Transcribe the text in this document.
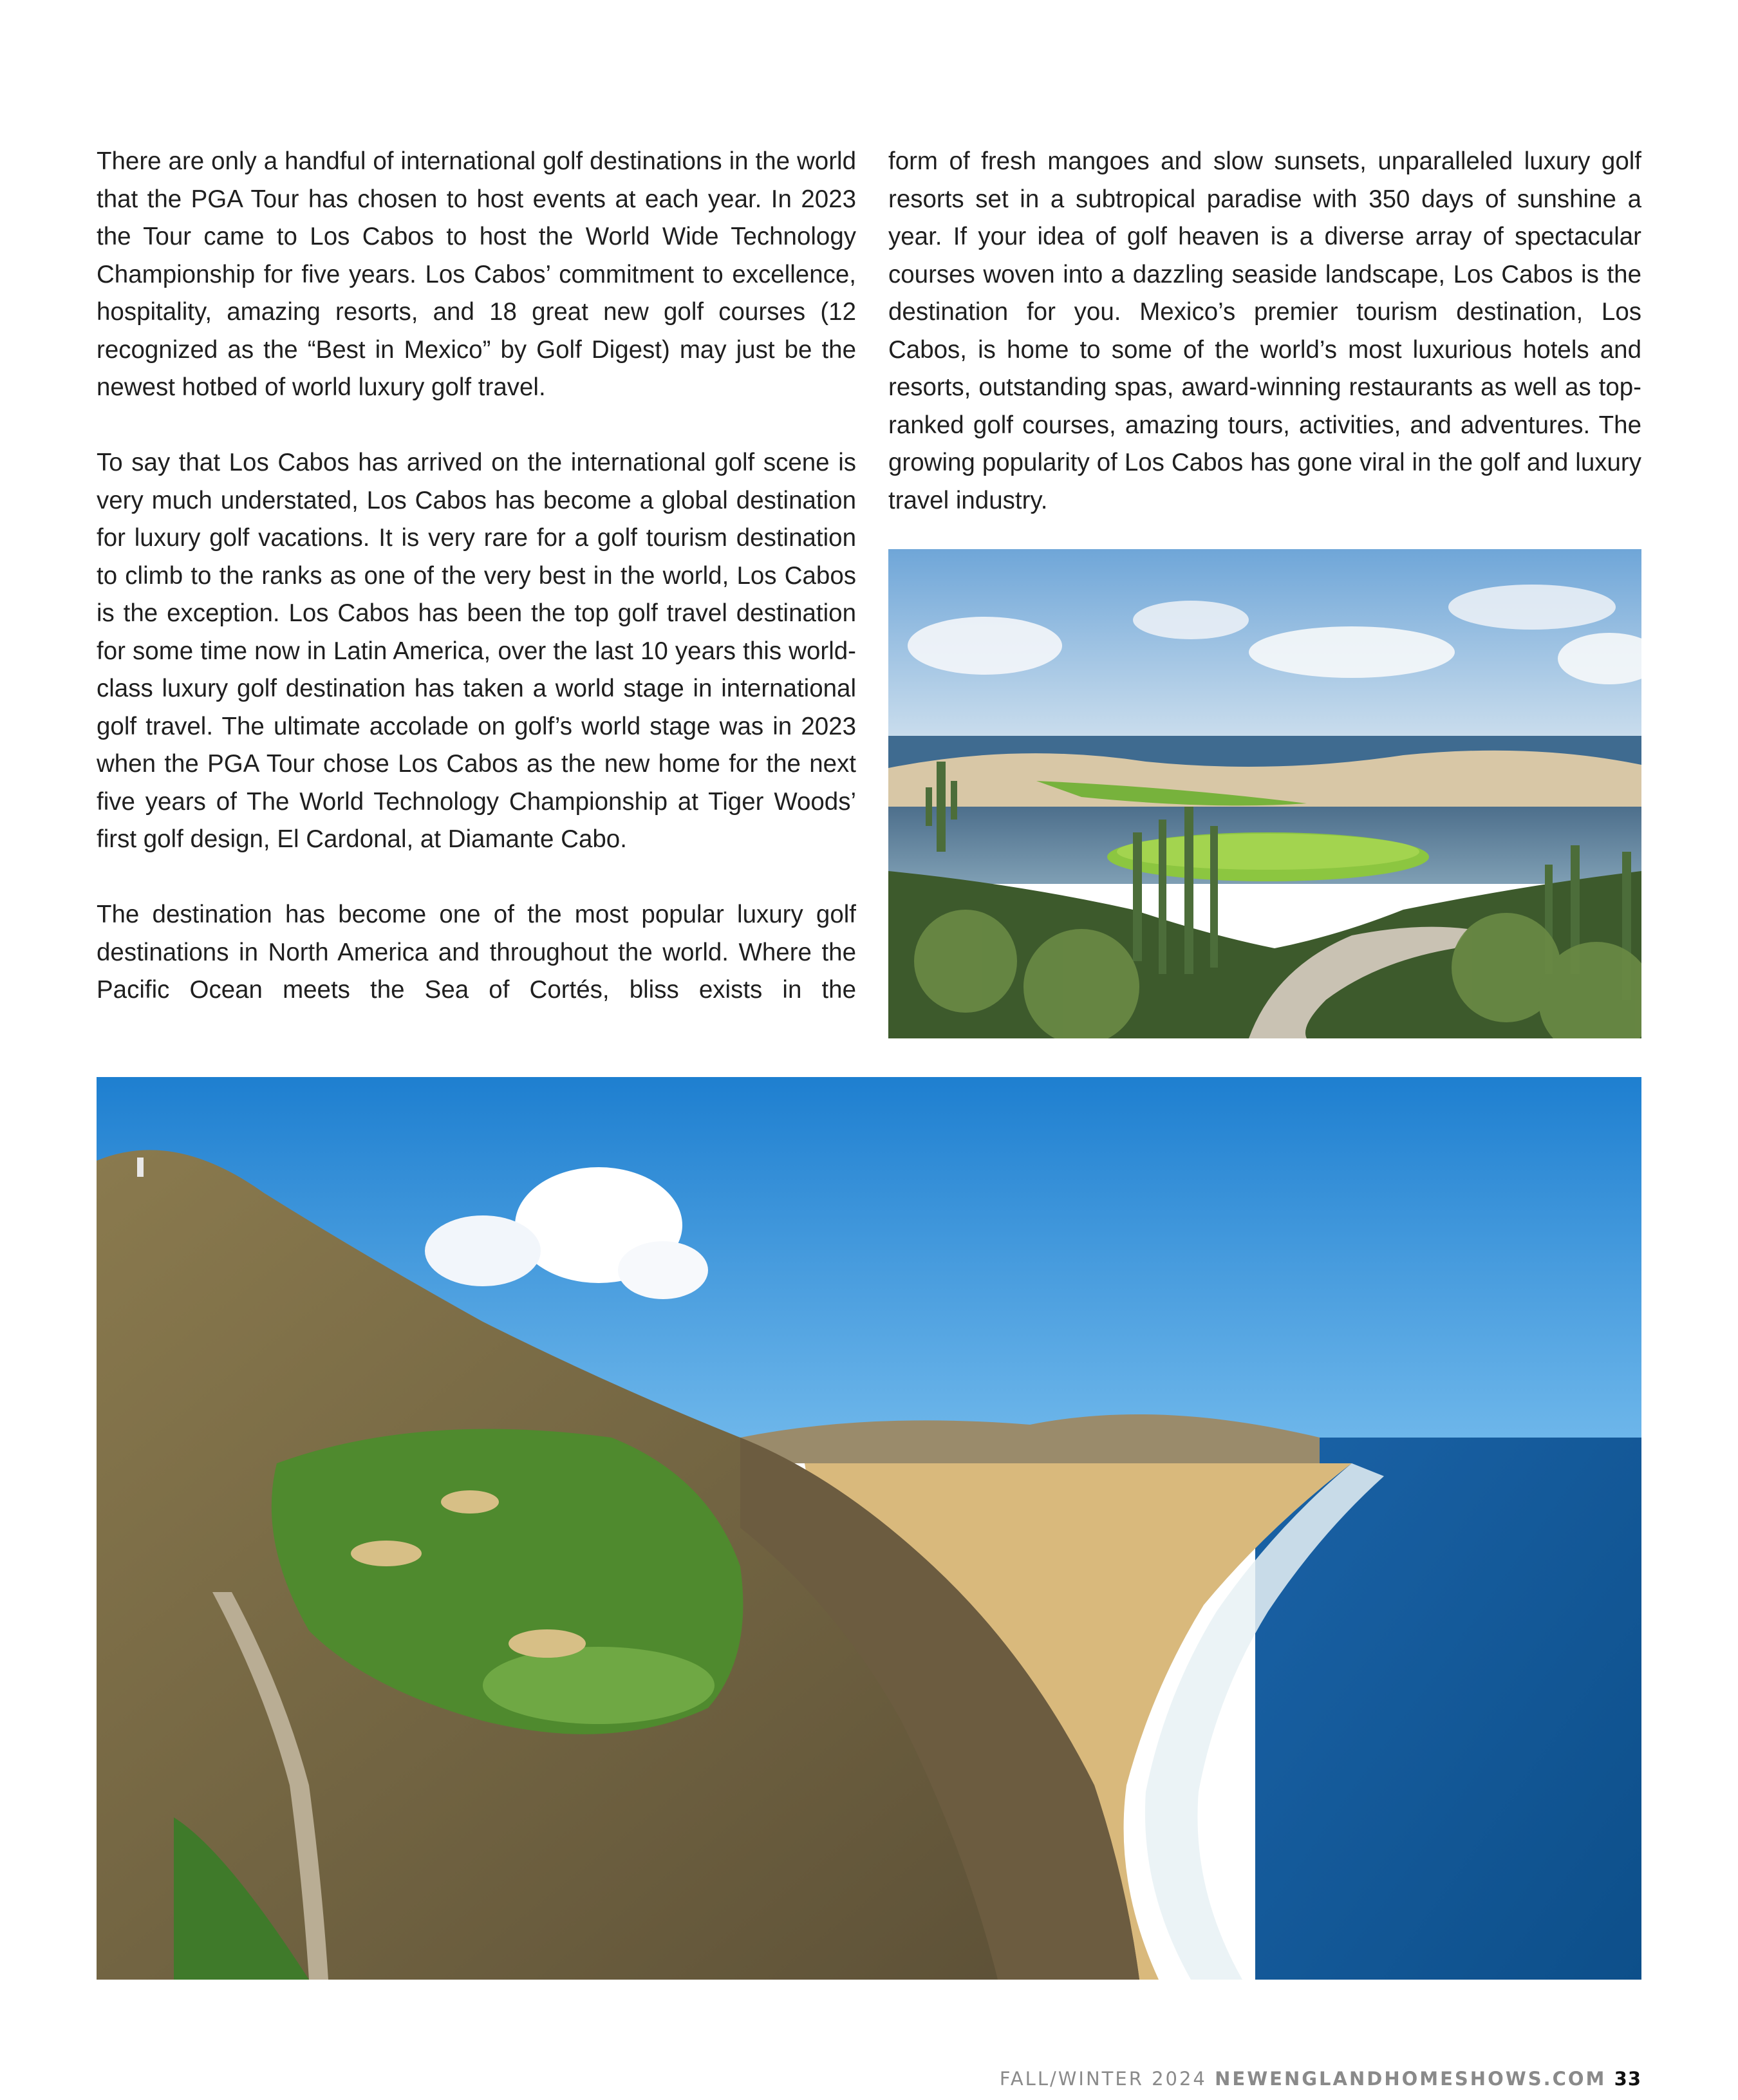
There are only a handful of international golf destinations in the world that the PGA Tour has chosen to host events at each year. In 2023 the Tour came to Los Cabos to host the World Wide Technology Championship for five years. Los Cabos’ commitment to excellence, hospitality, amazing resorts, and 18 great new golf courses (12 recognized as the “Best in Mexico” by Golf Digest) may just be the newest hotbed of world luxury golf travel.

To say that Los Cabos has arrived on the international golf scene is very much understated, Los Cabos has become a global destination for luxury golf vacations. It is very rare for a golf tourism destination to climb to the ranks as one of the very best in the world, Los Cabos is the exception. Los Cabos has been the top golf travel destination for some time now in Latin America, over the last 10 years this world-class luxury golf destination has taken a world stage in international golf travel. The ultimate accolade on golf’s world stage was in 2023 when the PGA Tour chose Los Cabos as the new home for the next five years of The World Technology Championship at Tiger Woods’ first golf design, El Cardonal, at Diamante Cabo.

The destination has become one of the most popular luxury golf destinations in North America and throughout the world. Where the Pacific Ocean meets the Sea of Cortés, bliss exists in the

form of fresh mangoes and slow sunsets, unparalleled luxury golf resorts set in a subtropical paradise with 350 days of sunshine a year. If your idea of golf heaven is a diverse array of spectacular courses woven into a dazzling seaside landscape, Los Cabos is the destination for you. Mexico’s premier tourism destination, Los Cabos, is home to some of the world’s most luxurious hotels and resorts, outstanding spas, award-winning restaurants as well as top-ranked golf courses, amazing tours, activities, and adventures. The growing popularity of Los Cabos has gone viral in the golf and luxury travel industry.

FALL/WINTER 2024 NEWENGLANDHOMESHOWS.COM 33
